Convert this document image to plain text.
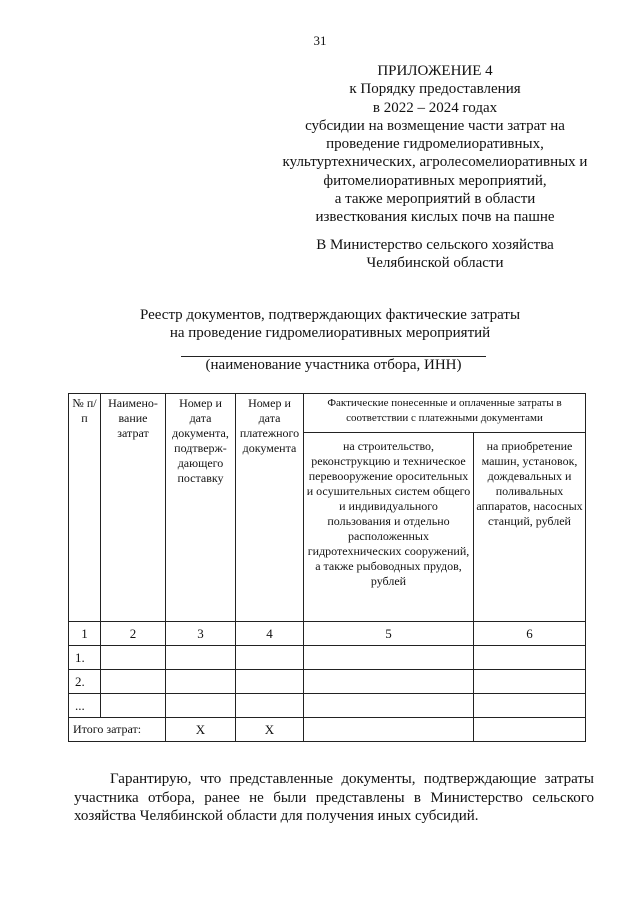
31
ПРИЛОЖЕНИЕ 4
к Порядку предоставления
в 2022 – 2024 годах
субсидии на возмещение части затрат на
проведение гидромелиоративных,
культуртехнических, агролесомелиоративных и
фитомелиоративных мероприятий,
а также мероприятий в области
известкования кислых почв на пашне
В Министерство сельского хозяйства
Челябинской области
Реестр документов, подтверждающих фактические затраты
на проведение гидромелиоративных мероприятий
(наименование участника отбора, ИНН)
№ п/п	Наимено-вание затрат	Номер и дата документа, подтверж-дающего поставку	Номер и дата платежного документа	Фактические понесенные и оплаченные затраты в соответствии с платежными документами	
				на строительство, реконструкцию и техническое перевооружение оросительных и осушительных систем общего и индивидуального пользования и отдельно расположенных гидротехнических сооружений, а также рыбоводных прудов, рублей	на приобретение машин, установок, дождевальных и поливальных аппаратов, насосных станций, рублей
1	2	3	4	5	6
1.					
2.					
...					
Итого затрат:		Х	Х		
Гарантирую, что представленные документы, подтверждающие затраты участника отбора, ранее не были представлены в Министерство сельского хозяйства Челябинской области для получения иных субсидий.
